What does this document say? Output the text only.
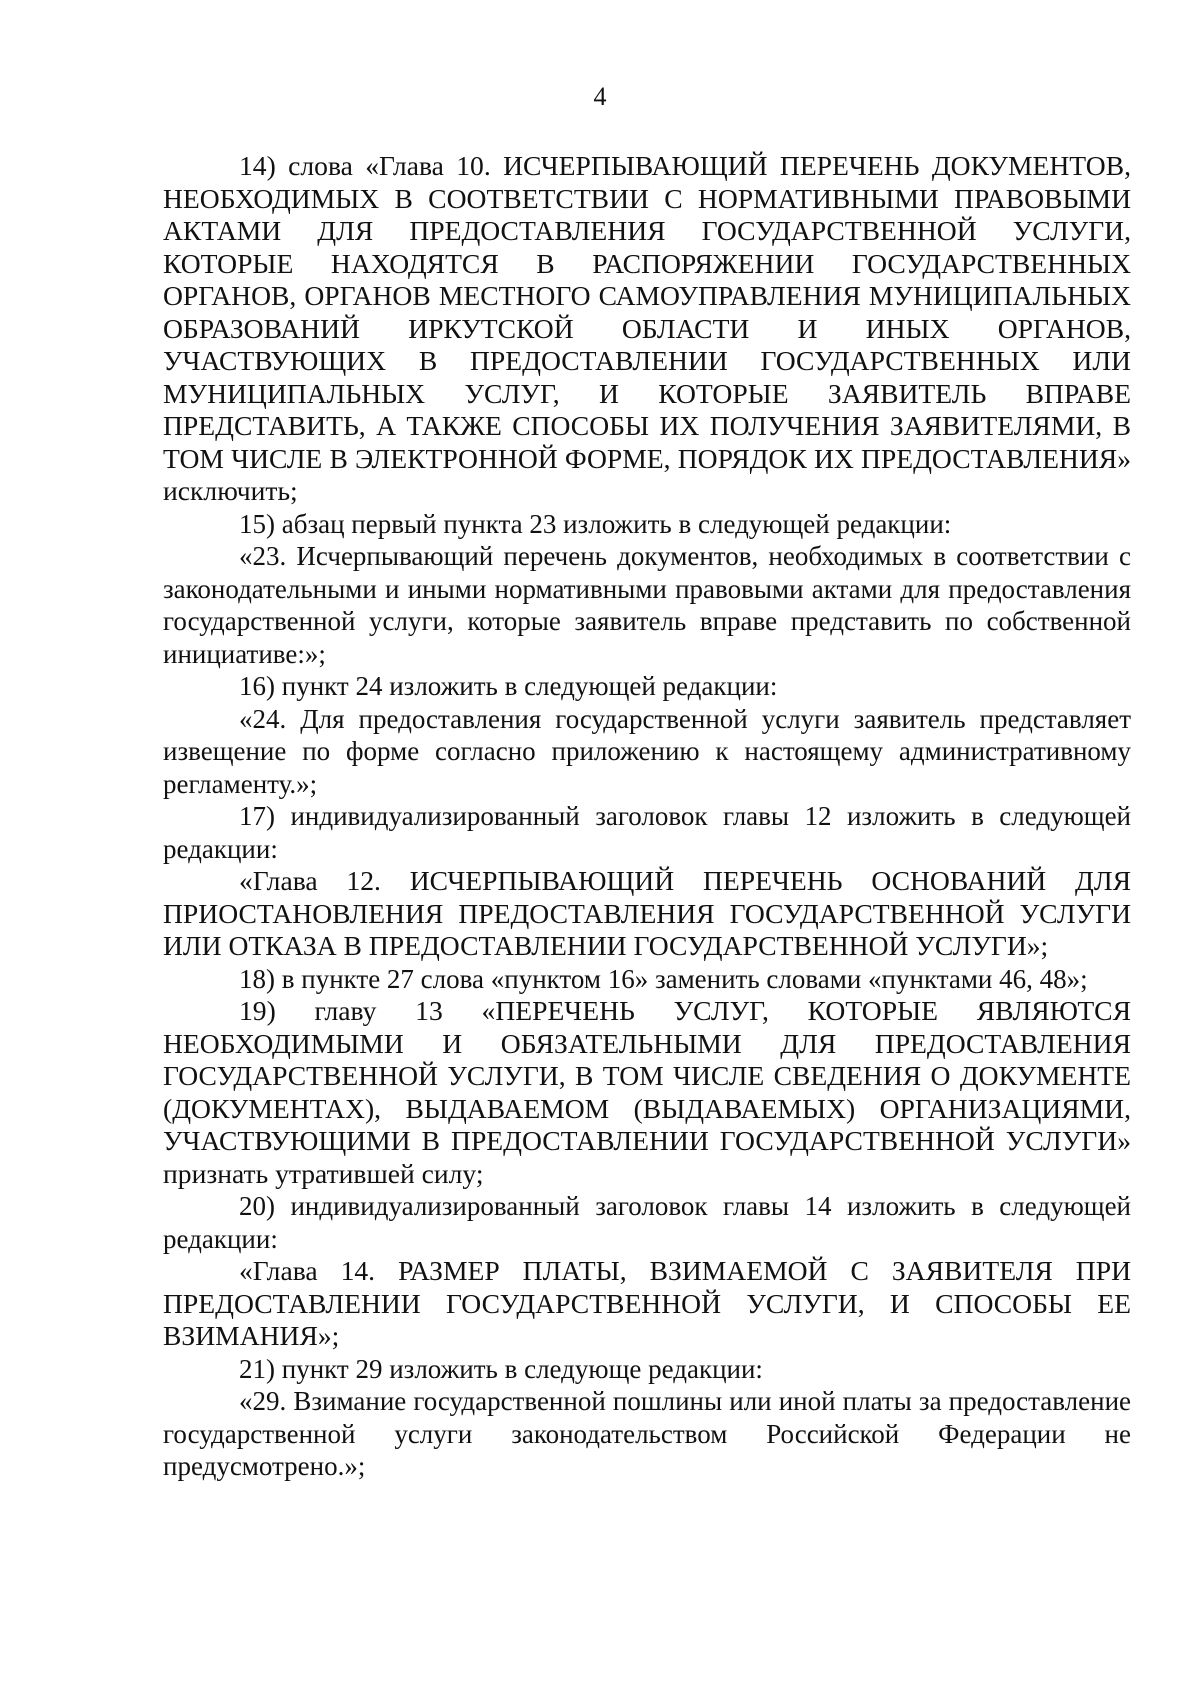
4

14) слова «Глава 10. ИСЧЕРПЫВАЮЩИЙ ПЕРЕЧЕНЬ ДОКУМЕНТОВ, НЕОБХОДИМЫХ В СООТВЕТСТВИИ С НОРМАТИВНЫМИ ПРАВОВЫМИ АКТАМИ ДЛЯ ПРЕДОСТАВЛЕНИЯ ГОСУДАРСТВЕННОЙ УСЛУГИ, КОТОРЫЕ НАХОДЯТСЯ В РАСПОРЯЖЕНИИ ГОСУДАРСТВЕННЫХ ОРГАНОВ, ОРГАНОВ МЕСТНОГО САМОУПРАВЛЕНИЯ МУНИЦИПАЛЬНЫХ ОБРАЗОВАНИЙ ИРКУТСКОЙ ОБЛАСТИ И ИНЫХ ОРГАНОВ, УЧАСТВУЮЩИХ В ПРЕДОСТАВЛЕНИИ ГОСУДАРСТВЕННЫХ ИЛИ МУНИЦИПАЛЬНЫХ УСЛУГ, И КОТОРЫЕ ЗАЯВИТЕЛЬ ВПРАВЕ ПРЕДСТАВИТЬ, А ТАКЖЕ СПОСОБЫ ИХ ПОЛУЧЕНИЯ ЗАЯВИТЕЛЯМИ, В ТОМ ЧИСЛЕ В ЭЛЕКТРОННОЙ ФОРМЕ, ПОРЯДОК ИХ ПРЕДОСТАВЛЕНИЯ» исключить;

15) абзац первый пункта 23 изложить в следующей редакции:

«23. Исчерпывающий перечень документов, необходимых в соответствии с законодательными и иными нормативными правовыми актами для предоставления государственной услуги, которые заявитель вправе представить по собственной инициативе:»;

16) пункт 24 изложить в следующей редакции:

«24. Для предоставления государственной услуги заявитель представляет извещение по форме согласно приложению к настоящему административному регламенту.»;

17) индивидуализированный заголовок главы 12 изложить в следующей редакции:

«Глава 12. ИСЧЕРПЫВАЮЩИЙ ПЕРЕЧЕНЬ ОСНОВАНИЙ ДЛЯ ПРИОСТАНОВЛЕНИЯ ПРЕДОСТАВЛЕНИЯ ГОСУДАРСТВЕННОЙ УСЛУГИ ИЛИ ОТКАЗА В ПРЕДОСТАВЛЕНИИ ГОСУДАРСТВЕННОЙ УСЛУГИ»;

18) в пункте 27 слова «пунктом 16» заменить словами «пунктами 46, 48»;

19) главу 13 «ПЕРЕЧЕНЬ УСЛУГ, КОТОРЫЕ ЯВЛЯЮТСЯ НЕОБХОДИМЫМИ И ОБЯЗАТЕЛЬНЫМИ ДЛЯ ПРЕДОСТАВЛЕНИЯ ГОСУДАРСТВЕННОЙ УСЛУГИ, В ТОМ ЧИСЛЕ СВЕДЕНИЯ О ДОКУМЕНТЕ (ДОКУМЕНТАХ), ВЫДАВАЕМОМ (ВЫДАВАЕМЫХ) ОРГАНИЗАЦИЯМИ, УЧАСТВУЮЩИМИ В ПРЕДОСТАВЛЕНИИ ГОСУДАРСТВЕННОЙ УСЛУГИ» признать утратившей силу;

20) индивидуализированный заголовок главы 14 изложить в следующей редакции:

«Глава 14. РАЗМЕР ПЛАТЫ, ВЗИМАЕМОЙ С ЗАЯВИТЕЛЯ ПРИ ПРЕДОСТАВЛЕНИИ ГОСУДАРСТВЕННОЙ УСЛУГИ, И СПОСОБЫ ЕЕ ВЗИМАНИЯ»;

21) пункт 29 изложить в следующе редакции:

«29. Взимание государственной пошлины или иной платы за предоставление государственной услуги законодательством Российской Федерации не предусмотрено.»;
